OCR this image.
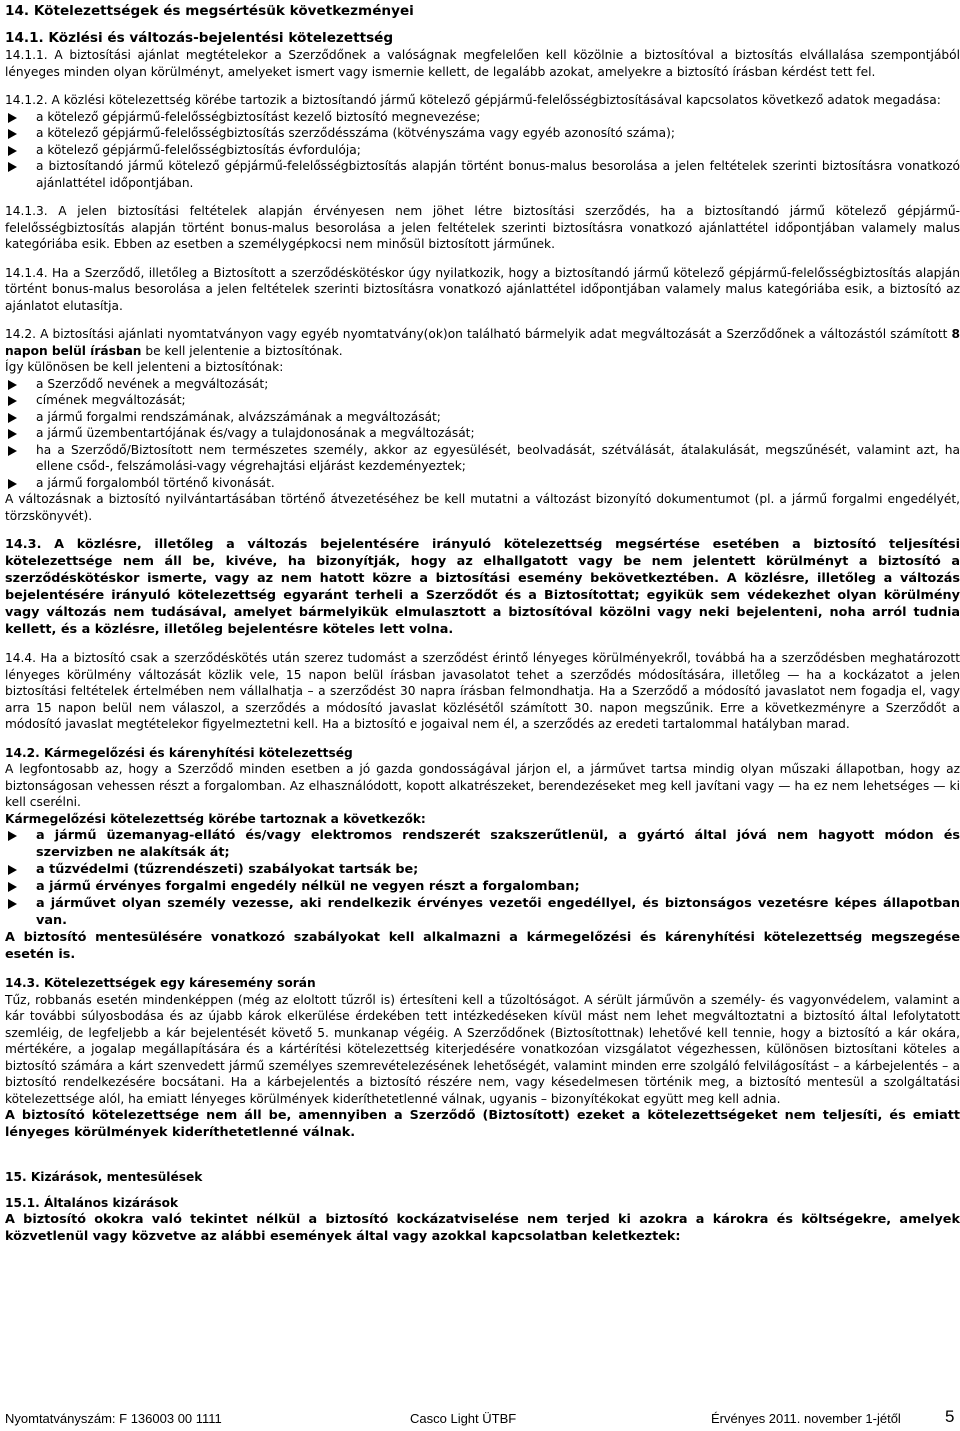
14. Kötelezettségek és megsértésük következményei
14.1. Közlési és változás-bejelentési kötelezettség

14.1.1. A biztosítási ajánlat megtételekor a Szerződőnek a valóságnak megfelelően kell közölnie a biztosítóval a biztosítás elvállalása szempontjából lényeges minden olyan körülményt, amelyeket ismert vagy ismernie kellett, de legalább azokat, amelyekre a biztosító írásban kérdést tett fel.

14.1.2. A közlési kötelezettség körébe tartozik a biztosítandó jármű kötelező gépjármű-felelősségbiztosításával kapcsolatos következő adatok megadása:

a kötelező gépjármű-felelősségbiztosítást kezelő biztosító megnevezése;
a kötelező gépjármű-felelősségbiztosítás szerződésszáma (kötvényszáma vagy egyéb azonosító száma);
a kötelező gépjármű-felelősségbiztosítás évfordulója;
a biztosítandó jármű kötelező gépjármű-felelősségbiztosítás alapján történt bonus-malus besorolása a jelen feltételek szerinti biztosításra vonatkozó ajánlattétel időpontjában.

14.1.3. A jelen biztosítási feltételek alapján érvényesen nem jöhet létre biztosítási szerződés, ha a biztosítandó jármű kötelező gépjármű-felelősségbiztosítás alapján történt bonus-malus besorolása a jelen feltételek szerinti biztosításra vonatkozó ajánlattétel időpontjában valamely malus kategóriába esik. Ebben az esetben a személygépkocsi nem minősül biztosított járműnek.

14.1.4. Ha a Szerződő, illetőleg a Biztosított a szerződéskötéskor úgy nyilatkozik, hogy a biztosítandó jármű kötelező gépjármű-felelősségbiztosítás alapján történt bonus-malus besorolása a jelen feltételek szerinti biztosításra vonatkozó ajánlattétel időpontjában valamely malus kategóriába esik, a biztosító az ajánlatot elutasítja.

14.2. A biztosítási ajánlati nyomtatványon vagy egyéb nyomtatvány(ok)on található bármelyik adat megváltozását a Szerződőnek a változástól számított 8 napon belül írásban be kell jelentenie a biztosítónak.

Így különösen be kell jelenteni a biztosítónak:

a Szerződő nevének a megváltozását;
címének megváltozását;
a jármű forgalmi rendszámának, alvázszámának a megváltozását;
a jármű üzembentartójának és/vagy a tulajdonosának a megváltozását;
ha a Szerződő/Biztosított nem természetes személy, akkor az egyesülését, beolvadását, szétválását, átalakulását, megszűnését, valamint azt, ha ellene csőd-, felszámolási-vagy végrehajtási eljárást kezdeményeztek;
a jármű forgalomból történő kivonását.

A változásnak a biztosító nyilvántartásában történő átvezetéséhez be kell mutatni a változást bizonyító dokumentumot (pl. a jármű forgalmi engedélyét, törzskönyvét).

14.3. A közlésre, illetőleg a változás bejelentésére irányuló kötelezettség megsértése esetében a biztosító teljesítési kötelezettsége nem áll be, kivéve, ha bizonyítják, hogy az elhallgatott vagy be nem jelentett körülményt a biztosító a szerződéskötéskor ismerte, vagy az nem hatott közre a biztosítási esemény bekövetkeztében. A közlésre, illetőleg a változás bejelentésére irányuló kötelezettség egyaránt terheli a Szerződőt és a Biztosítottat; egyikük sem védekezhet olyan körülmény vagy változás nem tudásával, amelyet bármelyikük elmulasztott a biztosítóval közölni vagy neki bejelenteni, noha arról tudnia kellett, és a közlésre, illetőleg bejelentésre köteles lett volna.

14.4. Ha a biztosító csak a szerződéskötés után szerez tudomást a szerződést érintő lényeges körülményekről, továbbá ha a szerződésben meghatározott lényeges körülmény változását közlik vele, 15 napon belül írásban javasolatot tehet a szerződés módosítására, illetőleg — ha a kockázatot a jelen biztosítási feltételek értelmében nem vállalhatja – a szerződést 30 napra írásban felmondhatja. Ha a Szerződő a módosító javaslatot nem fogadja el, vagy arra 15 napon belül nem válaszol, a szerződés a módosító javaslat közlésétől számított 30. napon megszűnik. Erre a következményre a Szerződőt a módosító javaslat megtételekor figyelmeztetni kell. Ha a biztosító e jogaival nem él, a szerződés az eredeti tartalommal hatályban marad.

14.2. Kármegelőzési és kárenyhítési kötelezettség

A legfontosabb az, hogy a Szerződő minden esetben a jó gazda gondosságával járjon el, a járművet tartsa mindig olyan műszaki állapotban, hogy az biztonságosan vehessen részt a forgalomban. Az elhasználódott, kopott alkatrészeket, berendezéseket meg kell javítani vagy — ha ez nem lehetséges — ki kell cserélni.

Kármegelőzési kötelezettség körébe tartoznak a következők:

a jármű üzemanyag-ellátó és/vagy elektromos rendszerét szakszerűtlenül, a gyártó által jóvá nem hagyott módon és szervizben ne alakítsák át;
a tűzvédelmi (tűzrendészeti) szabályokat tartsák be;
a jármű érvényes forgalmi engedély nélkül ne vegyen részt a forgalomban;
a járművet olyan személy vezesse, aki rendelkezik érvényes vezetői engedéllyel, és biztonságos vezetésre képes állapotban van.

A biztosító mentesülésére vonatkozó szabályokat kell alkalmazni a kármegelőzési és kárenyhítési kötelezettség megszegése esetén is.

14.3. Kötelezettségek egy káresemény során

Tűz, robbanás esetén mindenképpen (még az eloltott tűzről is) értesíteni kell a tűzoltóságot. A sérült járművön a személy- és vagyonvédelem, valamint a kár további súlyosbodása és az újabb károk elkerülése érdekében tett intézkedéseken kívül mást nem lehet megváltoztatni a biztosító által lefolytatott szemléig, de legfeljebb a kár bejelentését követő 5. munkanap végéig. A Szerződőnek (Biztosítottnak) lehetővé kell tennie, hogy a biztosító a kár okára, mértékére, a jogalap megállapítására és a kártérítési kötelezettség kiterjedésére vonatkozóan vizsgálatot végezhessen, különösen biztosítani köteles a biztosító számára a kárt szenvedett jármű személyes szemrevételezésének lehetőségét, valamint minden erre szolgáló felvilágosítást – a kárbejelentés – a biztosító rendelkezésére bocsátani. Ha a kárbejelentés a biztosító részére nem, vagy késedelmesen történik meg, a biztosító mentesül a szolgáltatási kötelezettsége alól, ha emiatt lényeges körülmények kideríthetetlenné válnak, ugyanis – bizonyítékokat együtt meg kell adnia.

A biztosító kötelezettsége nem áll be, amennyiben a Szerződő (Biztosított) ezeket a kötelezettségeket nem teljesíti, és emiatt lényeges körülmények kideríthetetlenné válnak.

15. Kizárások, mentesülések
15.1. Általános kizárások

A biztosító okokra való tekintet nélkül a biztosító kockázatviselése nem terjed ki azokra a károkra és költségekre, amelyek közvetlenül vagy közvetve az alábbi események által vagy azokkal kapcsolatban keletkeztek:

Nyomtatványszám: F 136003 00 1111	Casco Light ÜTBF	Érvényes 2011. november 1-jétől	5
